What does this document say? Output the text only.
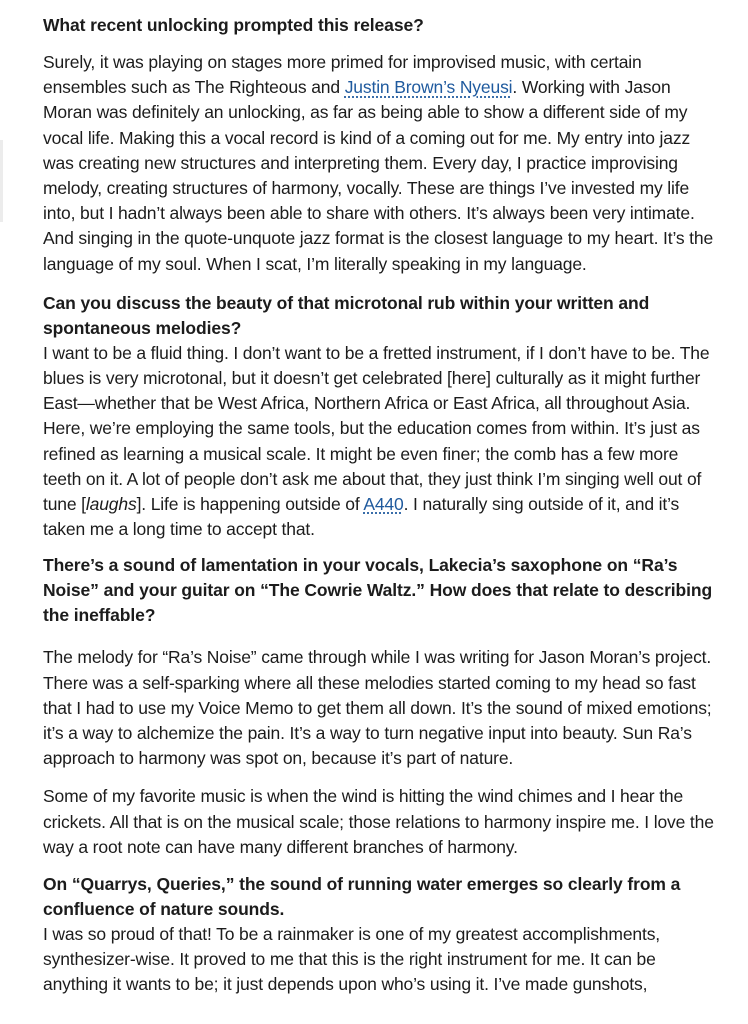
What recent unlocking prompted this release?

Surely, it was playing on stages more primed for improvised music, with certain ensembles such as The Righteous and Justin Brown’s Nyeusi. Working with Jason Moran was definitely an unlocking, as far as being able to show a different side of my vocal life. Making this a vocal record is kind of a coming out for me. My entry into jazz was creating new structures and interpreting them. Every day, I practice improvising melody, creating structures of harmony, vocally. These are things I’ve invested my life into, but I hadn’t always been able to share with others. It’s always been very intimate. And singing in the quote-unquote jazz format is the closest language to my heart. It’s the language of my soul. When I scat, I’m literally speaking in my language.

Can you discuss the beauty of that microtonal rub within your written and spontaneous melodies?

I want to be a fluid thing. I don’t want to be a fretted instrument, if I don’t have to be. The blues is very microtonal, but it doesn’t get celebrated [here] culturally as it might further East—whether that be West Africa, Northern Africa or East Africa, all throughout Asia. Here, we’re employing the same tools, but the education comes from within. It’s just as refined as learning a musical scale. It might be even finer; the comb has a few more teeth on it. A lot of people don’t ask me about that, they just think I’m singing well out of tune [laughs]. Life is happening outside of A440. I naturally sing outside of it, and it’s taken me a long time to accept that.

There’s a sound of lamentation in your vocals, Lakecia’s saxophone on “Ra’s Noise” and your guitar on “The Cowrie Waltz.” How does that relate to describing the ineffable?

The melody for “Ra’s Noise” came through while I was writing for Jason Moran’s project. There was a self-sparking where all these melodies started coming to my head so fast that I had to use my Voice Memo to get them all down. It’s the sound of mixed emotions; it’s a way to alchemize the pain. It’s a way to turn negative input into beauty. Sun Ra’s approach to harmony was spot on, because it’s part of nature.

Some of my favorite music is when the wind is hitting the wind chimes and I hear the crickets. All that is on the musical scale; those relations to harmony inspire me. I love the way a root note can have many different branches of harmony.

On “Quarrys, Queries,” the sound of running water emerges so clearly from a confluence of nature sounds.

I was so proud of that! To be a rainmaker is one of my greatest accomplishments, synthesizer-wise. It proved to me that this is the right instrument for me. It can be anything it wants to be; it just depends upon who’s using it. I’ve made gunshots,
